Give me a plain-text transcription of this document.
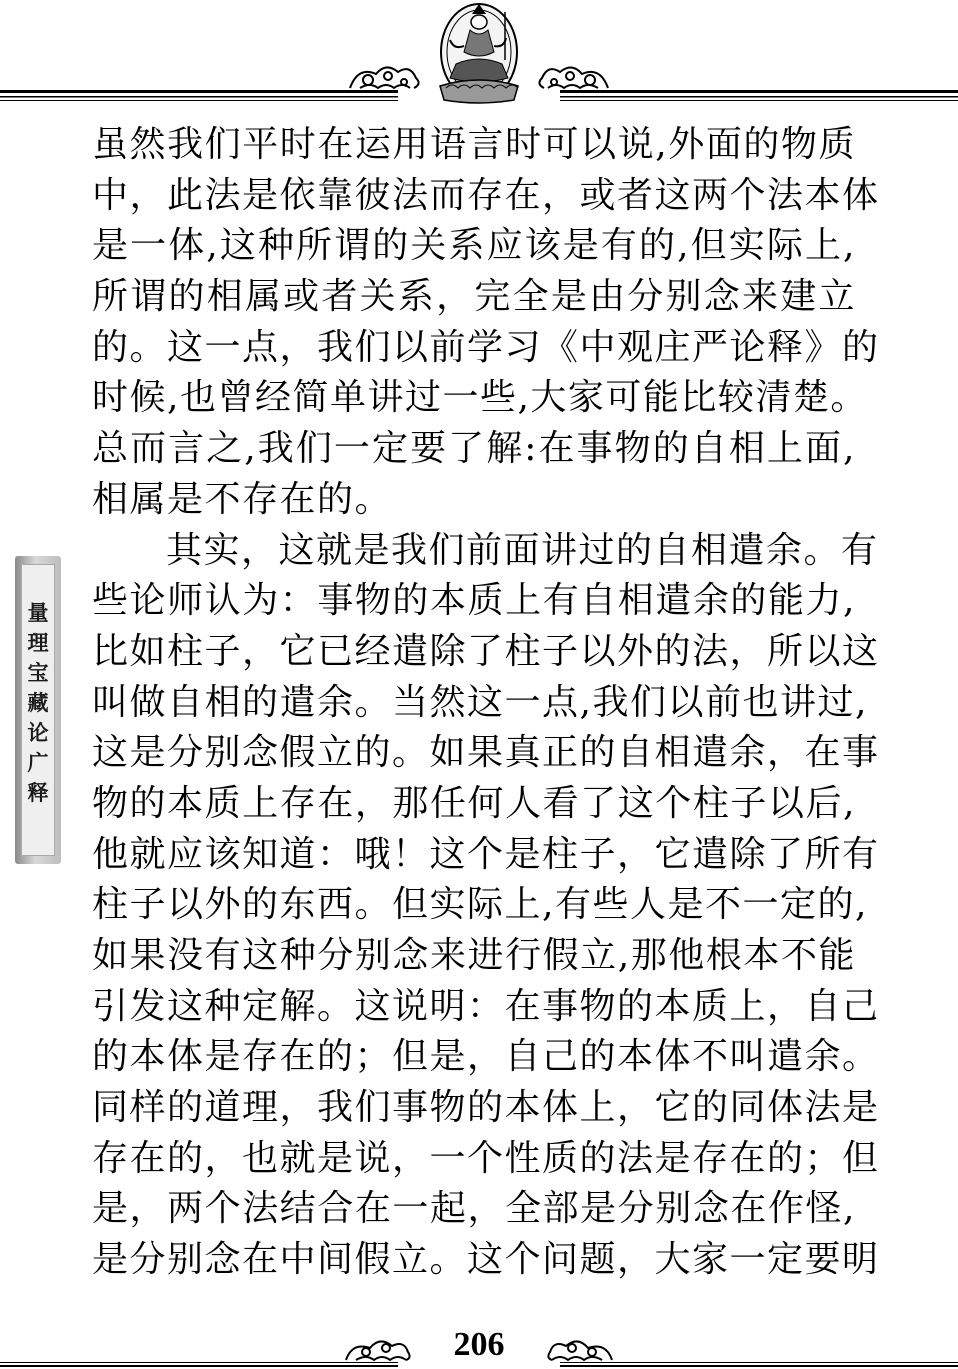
量
理
宝
藏
论
广
释
虽然我们平时在运用语言时可以说,外面的物质
中，此法是依靠彼法而存在，或者这两个法本体
是一体,这种所谓的关系应该是有的,但实际上,
所谓的相属或者关系，完全是由分别念来建立
的。这一点，我们以前学习《中观庄严论释》的
时候,也曾经简单讲过一些,大家可能比较清楚。
总而言之,我们一定要了解:在事物的自相上面,
相属是不存在的。
其实，这就是我们前面讲过的自相遣余。有
些论师认为：事物的本质上有自相遣余的能力,
比如柱子，它已经遣除了柱子以外的法，所以这
叫做自相的遣余。当然这一点,我们以前也讲过,
这是分别念假立的。如果真正的自相遣余，在事
物的本质上存在，那任何人看了这个柱子以后,
他就应该知道：哦！这个是柱子，它遣除了所有
柱子以外的东西。但实际上,有些人是不一定的,
如果没有这种分别念来进行假立,那他根本不能
引发这种定解。这说明：在事物的本质上，自己
的本体是存在的；但是，自己的本体不叫遣余。
同样的道理，我们事物的本体上，它的同体法是
存在的，也就是说，一个性质的法是存在的；但
是，两个法结合在一起，全部是分别念在作怪,
是分别念在中间假立。这个问题，大家一定要明
206
